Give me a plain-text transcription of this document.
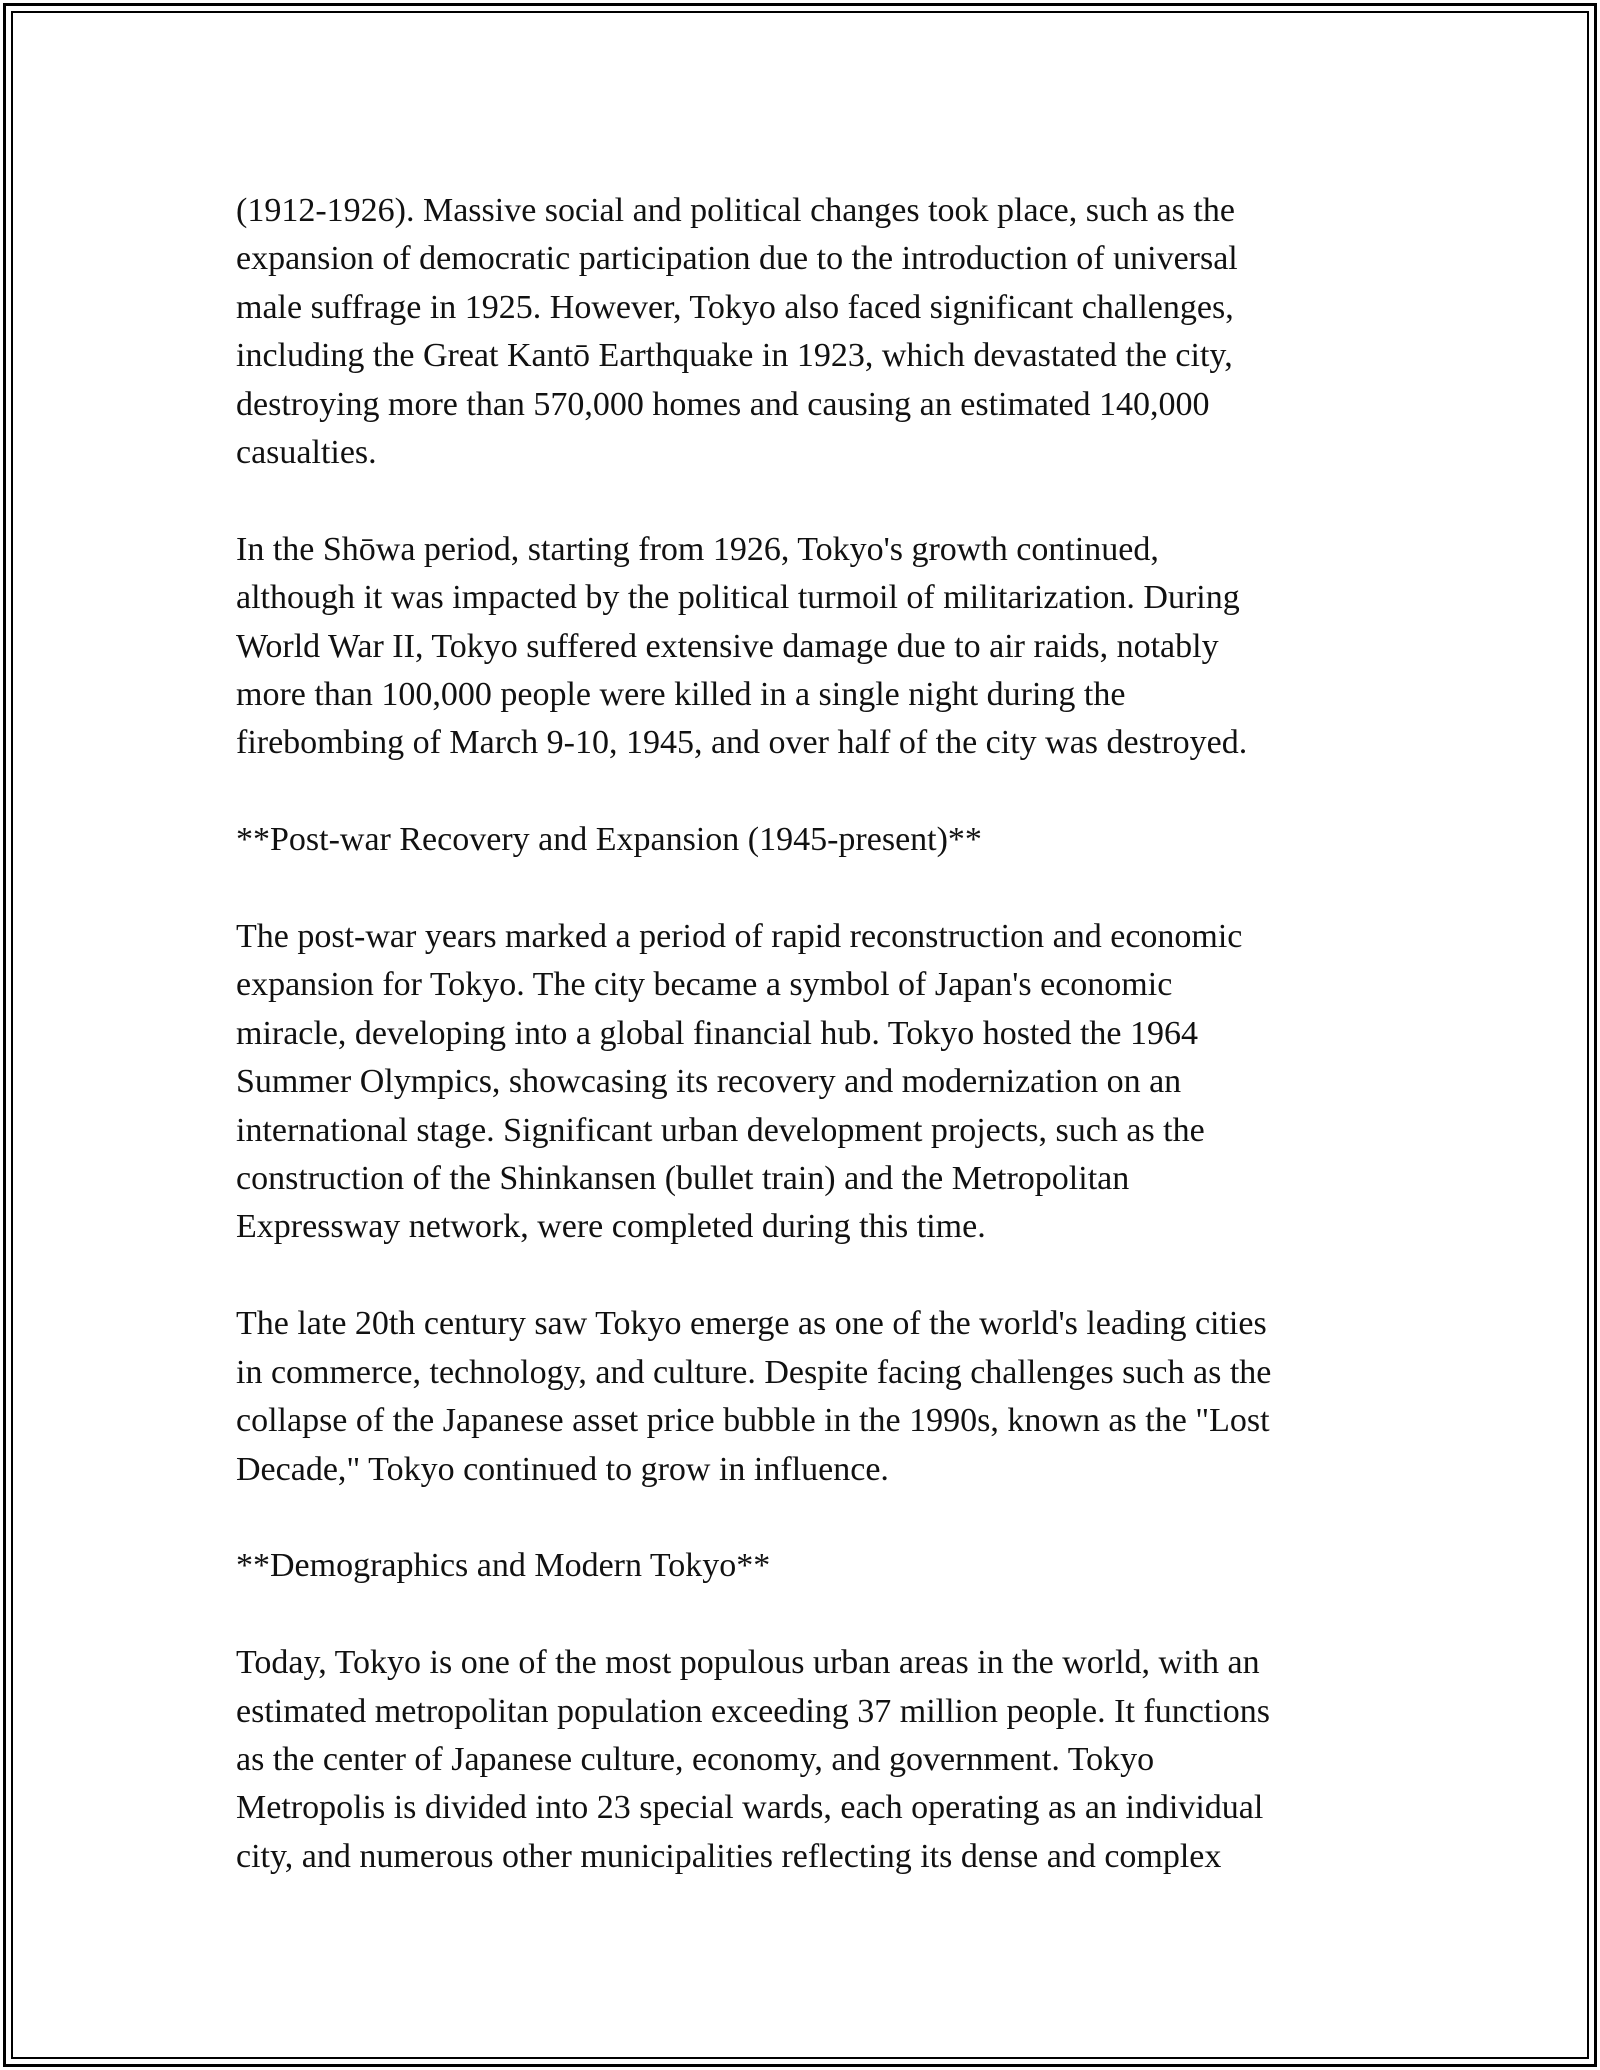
(1912-1926). Massive social and political changes took place, such as the
expansion of democratic participation due to the introduction of universal
male suffrage in 1925. However, Tokyo also faced significant challenges,
including the Great Kantō Earthquake in 1923, which devastated the city,
destroying more than 570,000 homes and causing an estimated 140,000
casualties.

In the Shōwa period, starting from 1926, Tokyo's growth continued,
although it was impacted by the political turmoil of militarization. During
World War II, Tokyo suffered extensive damage due to air raids, notably
more than 100,000 people were killed in a single night during the
firebombing of March 9-10, 1945, and over half of the city was destroyed.

**Post-war Recovery and Expansion (1945-present)**

The post-war years marked a period of rapid reconstruction and economic
expansion for Tokyo. The city became a symbol of Japan's economic
miracle, developing into a global financial hub. Tokyo hosted the 1964
Summer Olympics, showcasing its recovery and modernization on an
international stage. Significant urban development projects, such as the
construction of the Shinkansen (bullet train) and the Metropolitan
Expressway network, were completed during this time.

The late 20th century saw Tokyo emerge as one of the world's leading cities
in commerce, technology, and culture. Despite facing challenges such as the
collapse of the Japanese asset price bubble in the 1990s, known as the "Lost
Decade," Tokyo continued to grow in influence.

**Demographics and Modern Tokyo**

Today, Tokyo is one of the most populous urban areas in the world, with an
estimated metropolitan population exceeding 37 million people. It functions
as the center of Japanese culture, economy, and government. Tokyo
Metropolis is divided into 23 special wards, each operating as an individual
city, and numerous other municipalities reflecting its dense and complex
